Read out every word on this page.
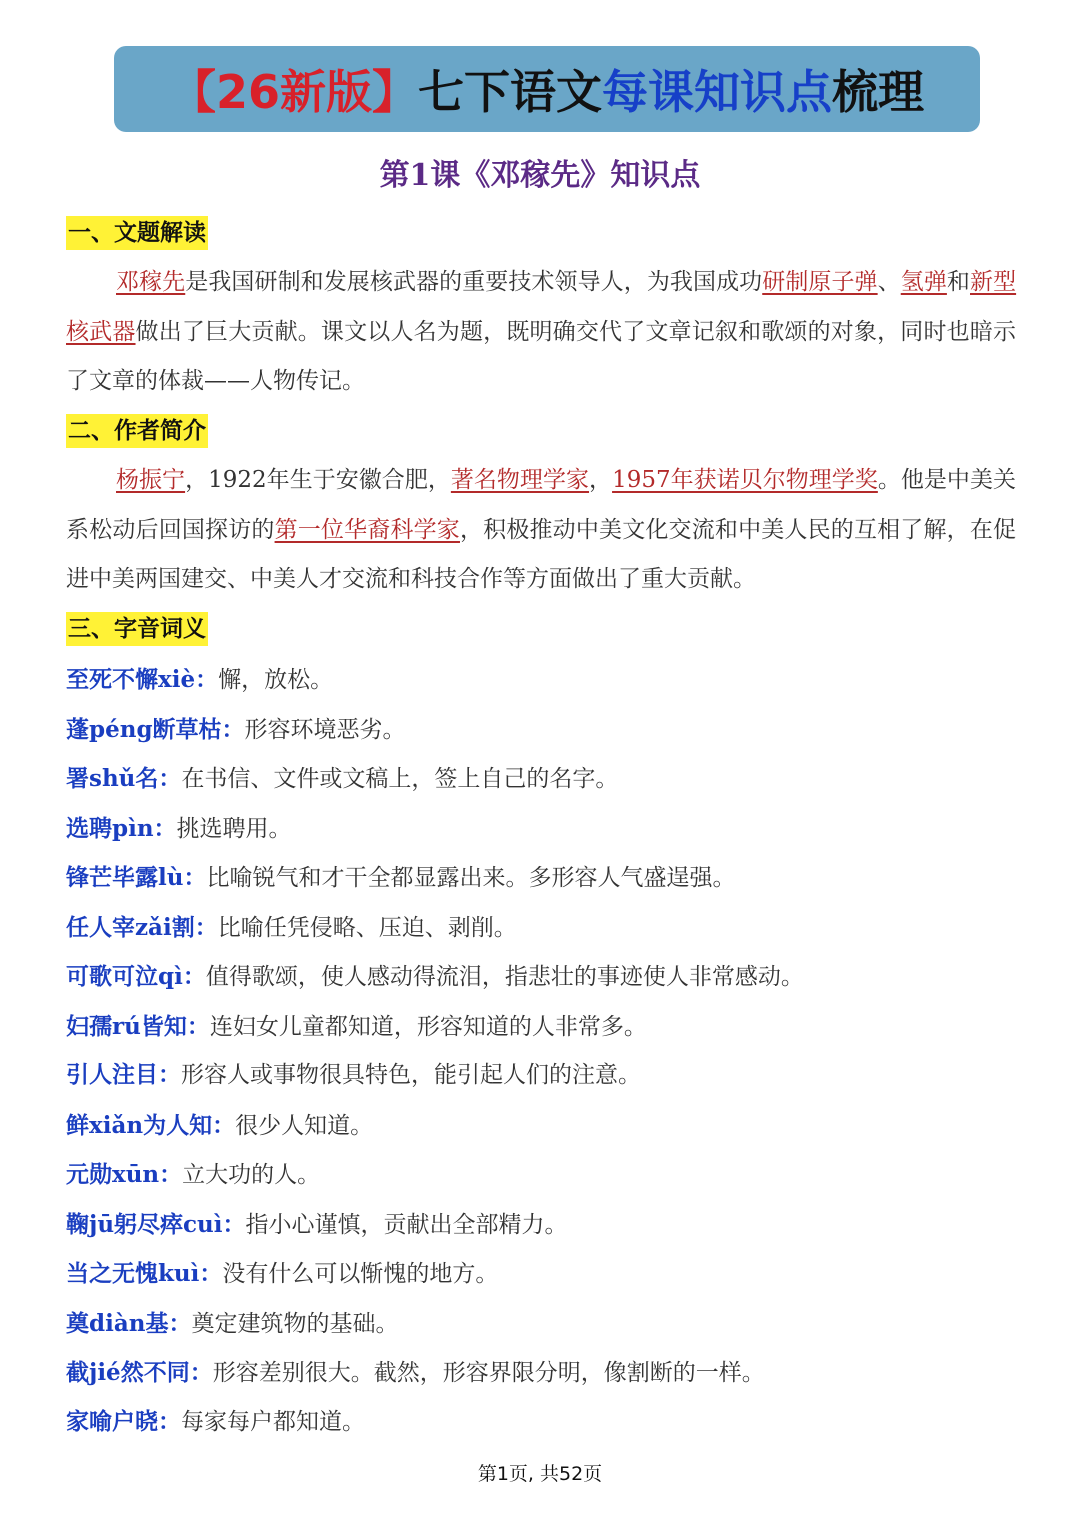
【26新版】 七下语文 每课知识点 梳理
第1课《邓稼先》知识点
一、文题解读
邓稼先是我国研制和发展核武器的重要技术领导人，为我国成功研制原子弹、氢弹和新型核武器做出了巨大贡献。课文以人名为题，既明确交代了文章记叙和歌颂的对象，同时也暗示了文章的体裁——人物传记。
二、作者简介
杨振宁，1922年生于安徽合肥，著名物理学家，1957年获诺贝尔物理学奖。他是中美关系松动后回国探访的第一位华裔科学家，积极推动中美文化交流和中美人民的互相了解，在促进中美两国建交、中美人才交流和科技合作等方面做出了重大贡献。
三、字音词义
至死不懈xiè：懈，放松。
蓬péng断草枯：形容环境恶劣。
署shǔ名：在书信、文件或文稿上，签上自己的名字。
选聘pìn：挑选聘用。
锋芒毕露lù：比喻锐气和才干全都显露出来。多形容人气盛逞强。
任人宰zǎi割：比喻任凭侵略、压迫、剥削。
可歌可泣qì：值得歌颂，使人感动得流泪，指悲壮的事迹使人非常感动。
妇孺rú皆知：连妇女儿童都知道，形容知道的人非常多。
引人注目：形容人或事物很具特色，能引起人们的注意。
鲜xiǎn为人知：很少人知道。
元勋xūn：立大功的人。
鞠jū躬尽瘁cuì：指小心谨慎，贡献出全部精力。
当之无愧kuì：没有什么可以惭愧的地方。
奠diàn基：奠定建筑物的基础。
截jié然不同：形容差别很大。截然，形容界限分明，像割断的一样。
家喻户晓：每家每户都知道。
第1页, 共52页
